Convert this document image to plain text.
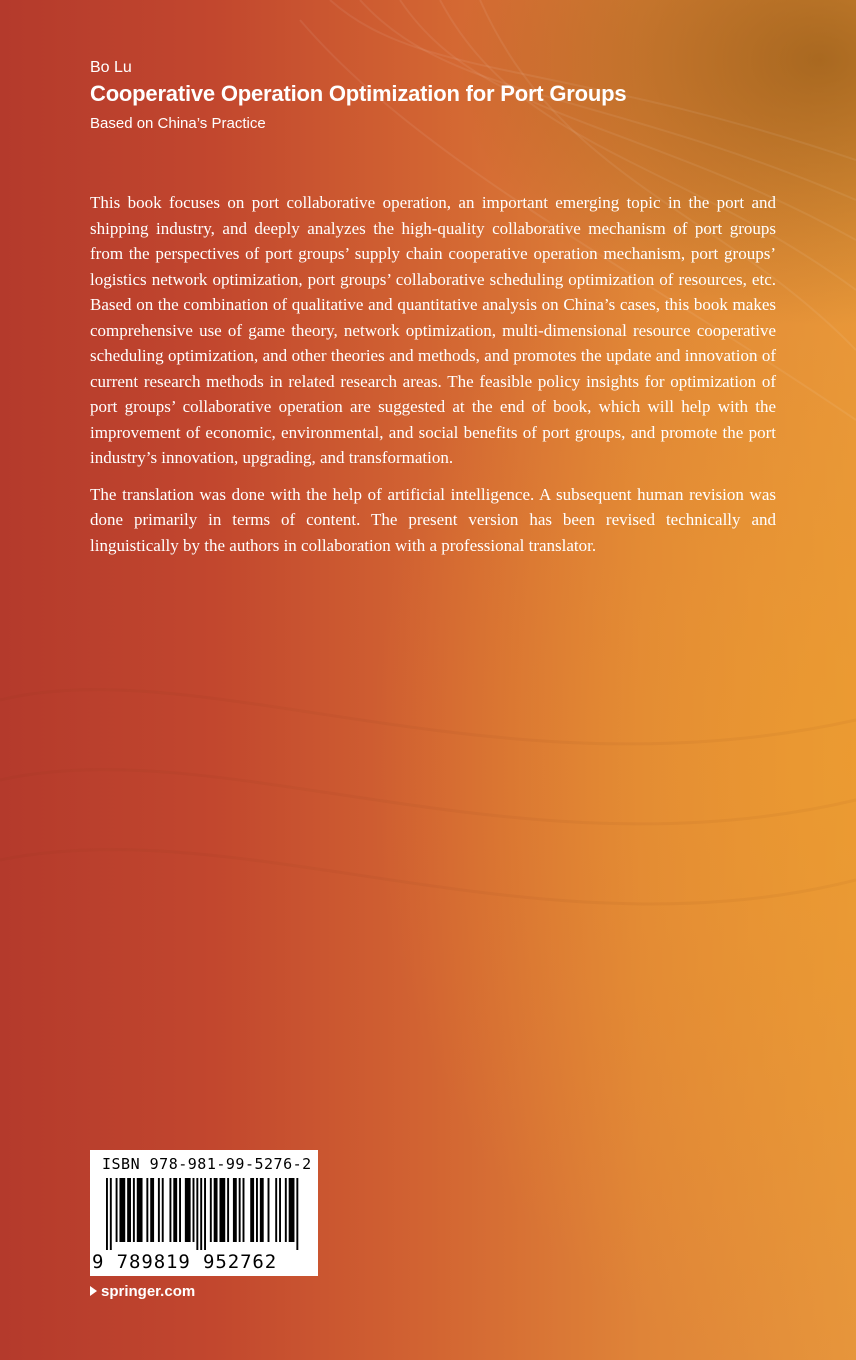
Bo Lu

Cooperative Operation Optimization for Port Groups

Based on China’s Practice

This book focuses on port collaborative operation, an important emerging topic in the port and shipping industry, and deeply analyzes the high-quality collaborative mechanism of port groups from the perspectives of port groups’ supply chain cooperative operation mechanism, port groups’ logistics network optimization, port groups’ collaborative scheduling optimization of resources, etc. Based on the combination of qualitative and quantitative analysis on China’s cases, this book makes comprehensive use of game theory, network optimization, multi-dimensional resource cooperative scheduling optimization, and other theories and methods, and promotes the update and innovation of current research methods in related research areas. The feasible policy insights for optimization of port groups’ collaborative operation are suggested at the end of book, which will help with the improvement of economic, environmental, and social benefits of port groups, and promote the port industry’s innovation, upgrading, and transformation.

The translation was done with the help of artificial intelligence. A subsequent human revision was done primarily in terms of content. The present version has been revised technically and linguistically by the authors in collaboration with a professional translator.

ISBN 978-981-99-5276-2
9 789819 952762
springer.com
